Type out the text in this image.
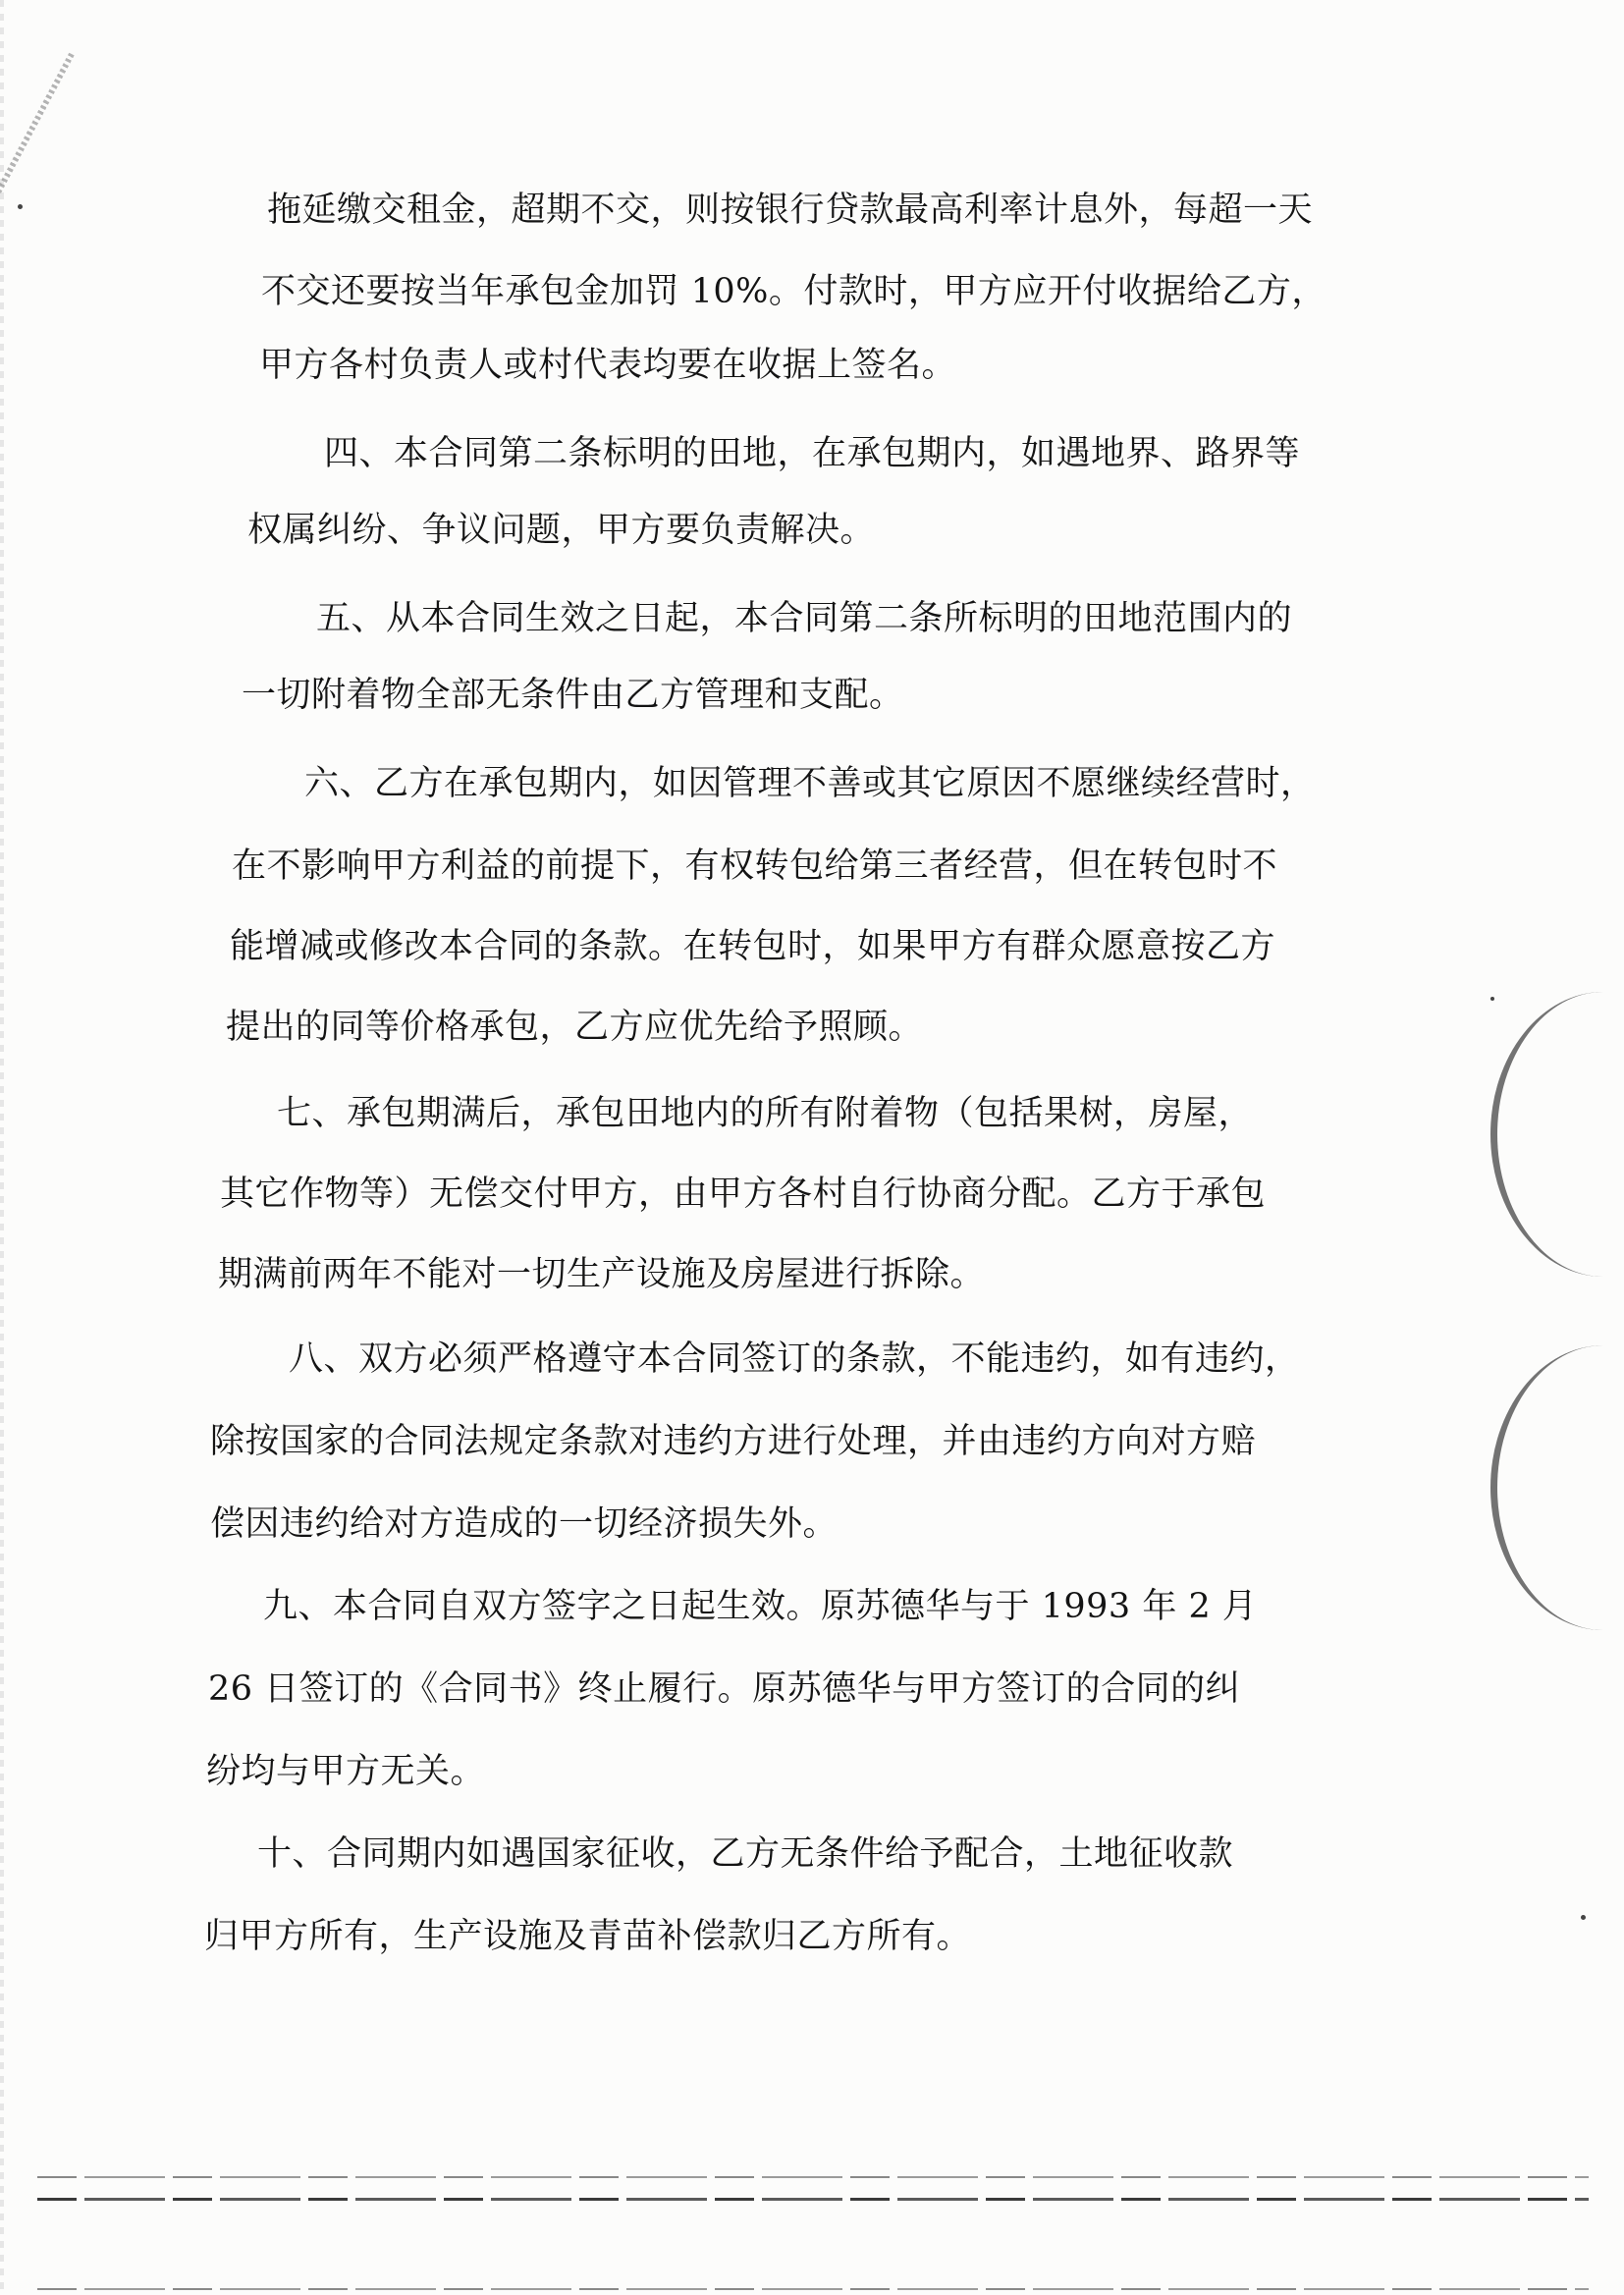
拖延缴交租金，超期不交，则按银行贷款最高利率计息外，每超一天
不交还要按当年承包金加罚 10%。付款时，甲方应开付收据给乙方，
甲方各村负责人或村代表均要在收据上签名。
四、本合同第二条标明的田地，在承包期内，如遇地界、路界等
权属纠纷、争议问题，甲方要负责解决。
五、从本合同生效之日起，本合同第二条所标明的田地范围内的
一切附着物全部无条件由乙方管理和支配。
六、乙方在承包期内，如因管理不善或其它原因不愿继续经营时，
在不影响甲方利益的前提下，有权转包给第三者经营，但在转包时不
能增减或修改本合同的条款。在转包时，如果甲方有群众愿意按乙方
提出的同等价格承包，乙方应优先给予照顾。
七、承包期满后，承包田地内的所有附着物（包括果树，房屋，
其它作物等）无偿交付甲方，由甲方各村自行协商分配。乙方于承包
期满前两年不能对一切生产设施及房屋进行拆除。
八、双方必须严格遵守本合同签订的条款，不能违约，如有违约，
除按国家的合同法规定条款对违约方进行处理，并由违约方向对方赔
偿因违约给对方造成的一切经济损失外。
九、本合同自双方签字之日起生效。原苏德华与于 1993 年 2 月
26 日签订的《合同书》终止履行。原苏德华与甲方签订的合同的纠
纷均与甲方无关。
十、合同期内如遇国家征收，乙方无条件给予配合，土地征收款
归甲方所有，生产设施及青苗补偿款归乙方所有。
